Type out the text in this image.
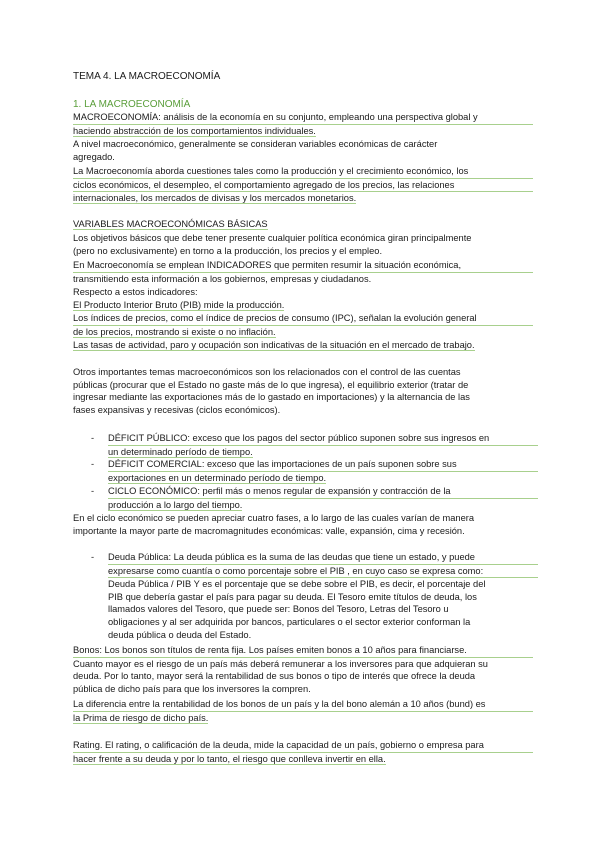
TEMA 4. LA MACROECONOMÍA
1. LA MACROECONOMÍA
MACROECONOMÍA: análisis de la economía en su conjunto, empleando una perspectiva global y
haciendo abstracción de los comportamientos individuales.
A nivel macroeconómico, generalmente se consideran variables económicas de carácter
agregado.
La Macroeconomía aborda cuestiones tales como la producción y el crecimiento económico, los
ciclos económicos, el desempleo, el comportamiento agregado de los precios, las relaciones
internacionales, los mercados de divisas y los mercados monetarios.
VARIABLES MACROECONÓMICAS BÁSICAS
Los objetivos básicos que debe tener presente cualquier política económica giran principalmente
(pero no exclusivamente) en torno a la producción, los precios y el empleo.
En Macroeconomía se emplean INDICADORES que permiten resumir la situación económica,
transmitiendo esta información a los gobiernos, empresas y ciudadanos.
Respecto a estos indicadores:
El Producto Interior Bruto (PIB) mide la producción.
Los índices de precios, como el índice de precios de consumo (IPC), señalan la evolución general
de los precios, mostrando si existe o no inflación.
Las tasas de actividad, paro y ocupación son indicativas de la situación en el mercado de trabajo.
Otros importantes temas macroeconómicos son los relacionados con el control de las cuentas
públicas (procurar que el Estado no gaste más de lo que ingresa), el equilibrio exterior (tratar de
ingresar mediante las exportaciones más de lo gastado en importaciones) y la alternancia de las
fases expansivas y recesivas (ciclos económicos).
- DÉFICIT PÚBLICO: exceso que los pagos del sector público suponen sobre sus ingresos en
un determinado período de tiempo.
- DÉFICIT COMERCIAL: exceso que las importaciones de un país suponen sobre sus
exportaciones en un determinado período de tiempo.
- CICLO ECONÓMICO: perfil más o menos regular de expansión y contracción de la
producción a lo largo del tiempo.
En el ciclo económico se pueden apreciar cuatro fases, a lo largo de las cuales varían de manera
importante la mayor parte de macromagnitudes económicas: valle, expansión, cima y recesión.
- Deuda Pública: La deuda pública es la suma de las deudas que tiene un estado, y puede
expresarse como cuantía o como porcentaje sobre el PIB , en cuyo caso se expresa como:
Deuda Pública / PIB Y es el porcentaje que se debe sobre el PIB, es decir, el porcentaje del
PIB que debería gastar el país para pagar su deuda. El Tesoro emite títulos de deuda, los
llamados valores del Tesoro, que puede ser: Bonos del Tesoro, Letras del Tesoro u
obligaciones y al ser adquirida por bancos, particulares o el sector exterior conforman la
deuda pública o deuda del Estado.
Bonos: Los bonos son títulos de renta fija. Los países emiten bonos a 10 años para financiarse.
Cuanto mayor es el riesgo de un país más deberá remunerar a los inversores para que adquieran su
deuda. Por lo tanto, mayor será la rentabilidad de sus bonos o tipo de interés que ofrece la deuda
pública de dicho país para que los inversores la compren.
La diferencia entre la rentabilidad de los bonos de un país y la del bono alemán a 10 años (bund) es
la Prima de riesgo de dicho país.
Rating. El rating, o calificación de la deuda, mide la capacidad de un país, gobierno o empresa para
hacer frente a su deuda y por lo tanto, el riesgo que conlleva invertir en ella.
